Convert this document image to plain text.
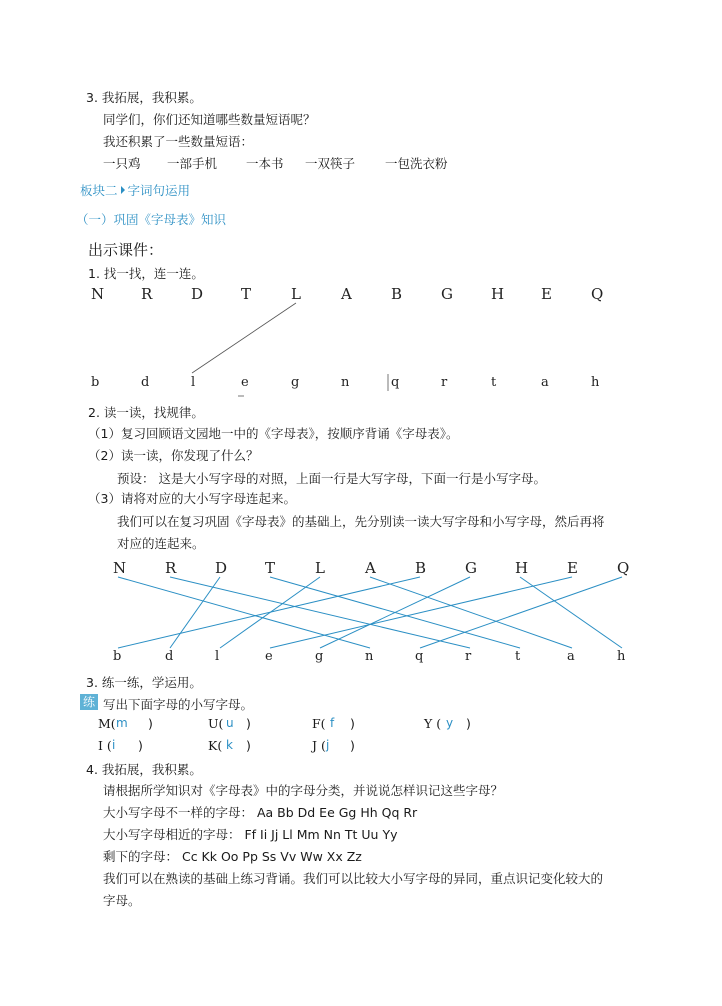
3. 我拓展，我积累。
同学们，你们还知道哪些数量短语呢？
我还积累了一些数量短语：
一只鸡 一部手机 一本书 一双筷子 一包洗衣粉
板块二 字词句运用
（一）巩固《字母表》知识
出示课件：
1. 找一找，连一连。
N R	D	T	L	A	B	G	H E	Q
b	d	l	e	g	n	q	r	t	a	h
2. 读一读，找规律。
（1）复习回顾语文园地一中的《字母表》，按顺序背诵《字母表》。
（2）读一读，你发现了什么？
预设： 这是大小写字母的对照，上面一行是大写字母，下面一行是小写字母。
（3）请将对应的大小写字母连起来。
我们可以在复习巩固《字母表》的基础上，先分别读一读大写字母和小写字母，然后再将
对应的连起来。
N	R	D	T	L	A	B	G	H	E	Q
b	d	l	e	g	n	q	r	t	a	h
3. 练一练，学运用。
练 写出下面字母的小写字母。
M( m )	U( u )	F( f )	Y ( y )
I ( i )	K( k )	J ( j )
4. 我拓展，我积累。
请根据所学知识对《字母表》中的字母分类，并说说怎样识记这些字母？
大小写字母不一样的字母： Aa Bb Dd Ee Gg Hh Qq Rr
大小写字母相近的字母： Ff Ii Jj Ll Mm Nn Tt Uu Yy
剩下的字母： Cc Kk Oo Pp Ss Vv Ww Xx Zz
我们可以在熟读的基础上练习背诵。我们可以比较大小写字母的异同，重点识记变化较大的
字母。
